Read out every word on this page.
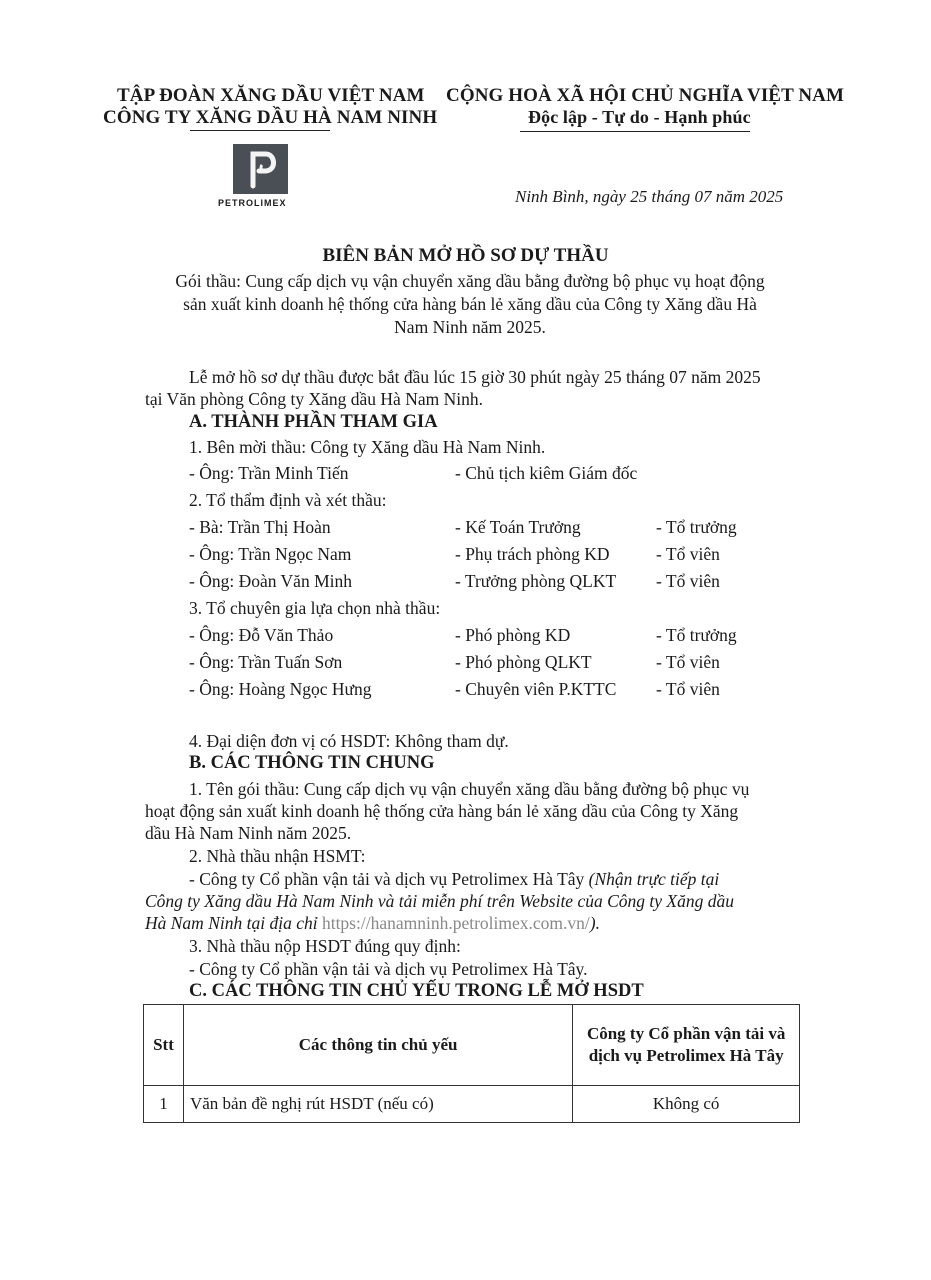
TẬP ĐOÀN XĂNG DẦU VIỆT NAM
CÔNG TY XĂNG DẦU HÀ NAM NINH
CỘNG HOÀ XÃ HỘI CHỦ NGHĨA VIỆT NAM
Độc lập - Tự do - Hạnh phúc
PETROLIMEX	Ninh Bình, ngày 25 tháng 07 năm 2025
BIÊN BẢN MỞ HỒ SƠ DỰ THẦU
Gói thầu: Cung cấp dịch vụ vận chuyển xăng dầu bằng đường bộ phục vụ hoạt động
sản xuất kinh doanh hệ thống cửa hàng bán lẻ xăng dầu của Công ty Xăng dầu Hà
Nam Ninh năm 2025.
Lễ mở hồ sơ dự thầu được bắt đầu lúc 15 giờ 30 phút ngày 25 tháng 07 năm 2025
tại Văn phòng Công ty Xăng dầu Hà Nam Ninh.
A. THÀNH PHẦN THAM GIA
1. Bên mời thầu: Công ty Xăng dầu Hà Nam Ninh.
- Ông: Trần Minh Tiến	- Chủ tịch kiêm Giám đốc
2. Tổ thẩm định và xét thầu:
- Bà: Trần Thị Hoàn	- Kế Toán Trưởng	- Tổ trưởng
- Ông: Trần Ngọc Nam	- Phụ trách phòng KD	- Tổ viên
- Ông: Đoàn Văn Minh	- Trưởng phòng QLKT - Tổ viên
3. Tổ chuyên gia lựa chọn nhà thầu:
- Ông: Đỗ Văn Thảo	- Phó phòng KD	- Tổ trưởng
- Ông: Trần Tuấn Sơn	- Phó phòng QLKT	- Tổ viên
- Ông: Hoàng Ngọc Hưng	- Chuyên viên P.KTTC - Tổ viên
4. Đại diện đơn vị có HSDT: Không tham dự.
B. CÁC THÔNG TIN CHUNG
1. Tên gói thầu: Cung cấp dịch vụ vận chuyển xăng dầu bằng đường bộ phục vụ
hoạt động sản xuất kinh doanh hệ thống cửa hàng bán lẻ xăng dầu của Công ty Xăng
dầu Hà Nam Ninh năm 2025.
2. Nhà thầu nhận HSMT:
- Công ty Cổ phần vận tải và dịch vụ Petrolimex Hà Tây (Nhận trực tiếp tại
Công ty Xăng dầu Hà Nam Ninh và tải miễn phí trên Website của Công ty Xăng dầu
Hà Nam Ninh tại địa chỉ https://hanamninh.petrolimex.com.vn/).
3. Nhà thầu nộp HSDT đúng quy định:
- Công ty Cổ phần vận tải và dịch vụ Petrolimex Hà Tây.
C. CÁC THÔNG TIN CHỦ YẾU TRONG LỄ MỞ HSDT
Stt	Các thông tin chủ yếu	Công ty Cổ phần vận tải và dịch vụ Petrolimex Hà Tây
1	Văn bản đề nghị rút HSDT (nếu có)	Không có
